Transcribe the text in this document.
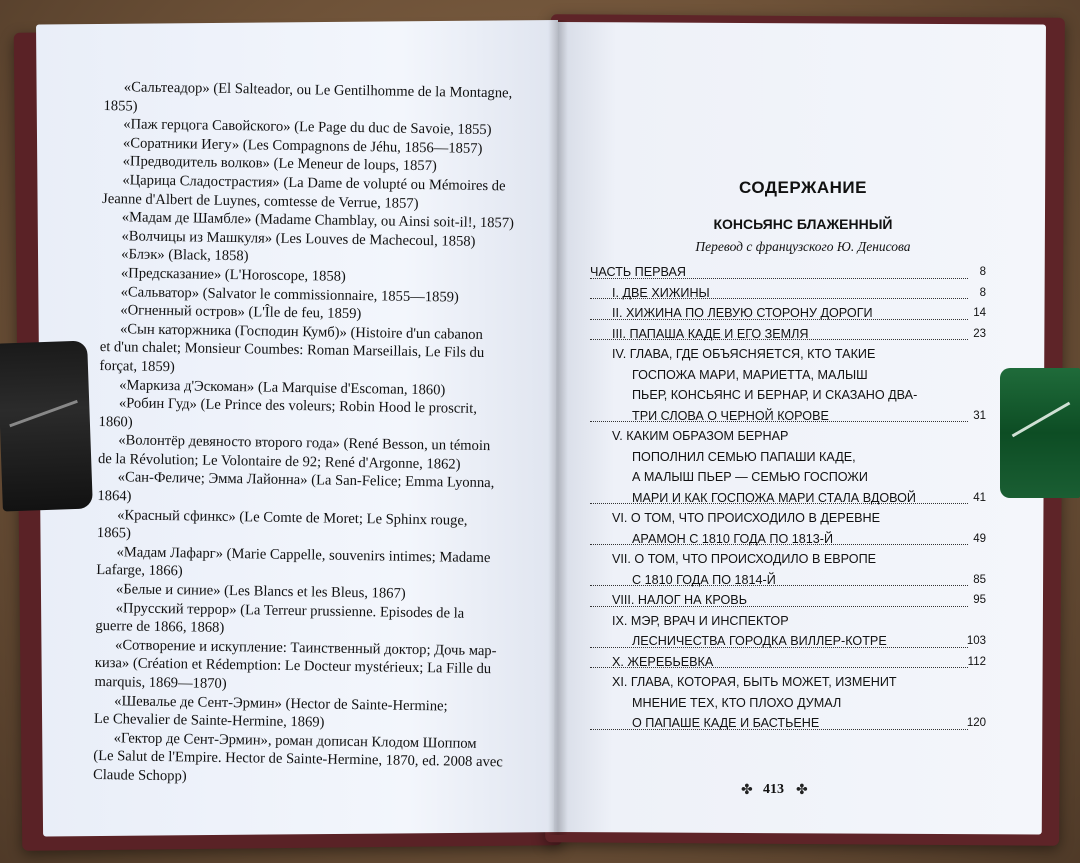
«Сальтеадор» (El Salteador, ou Le Gentilhomme de la Montagne,
1855)
«Паж герцога Савойского» (Le Page du duc de Savoie, 1855)
«Соратники Иегу» (Les Compagnons de Jéhu, 1856—1857)
«Предводитель волков» (Le Meneur de loups, 1857)
«Царица Сладострастия» (La Dame de volupté ou Mémoires de
Jeanne d'Albert de Luynes, comtesse de Verrue, 1857)
«Мадам де Шамбле» (Madame Chamblay, ou Ainsi soit-il!, 1857)
«Волчицы из Машкуля» (Les Louves de Machecoul, 1858)
«Блэк» (Black, 1858)
«Предсказание» (L'Horoscope, 1858)
«Сальватор» (Salvator le commissionnaire, 1855—1859)
«Огненный остров» (L'Île de feu, 1859)
«Сын каторжника (Господин Кумб)» (Histoire d'un cabanon
et d'un chalet; Monsieur Coumbes: Roman Marseillais, Le Fils du
forçat, 1859)
«Маркиза д'Эскоман» (La Marquise d'Escoman, 1860)
«Робин Гуд» (Le Prince des voleurs; Robin Hood le proscrit,
1860)
«Волонтёр девяносто второго года» (René Besson, un témoin
de la Révolution; Le Volontaire de 92; René d'Argonne, 1862)
«Сан-Феличе; Эмма Лайонна» (La San-Felice; Emma Lyonna,
1864)
«Красный сфинкс» (Le Comte de Moret; Le Sphinx rouge,
1865)
«Мадам Лафарг» (Marie Cappelle, souvenirs intimes; Madame
Lafarge, 1866)
«Белые и синие» (Les Blancs et les Bleus, 1867)
«Прусский террор» (La Terreur prussienne. Episodes de la
guerre de 1866, 1868)
«Сотворение и искупление: Таинственный доктор; Дочь мар-
киза» (Création et Rédemption: Le Docteur mystérieux; La Fille du
marquis, 1869—1870)
«Шевалье де Сент-Эрмин» (Hector de Sainte-Hermine;
Le Chevalier de Sainte-Hermine, 1869)
«Гектор де Сент-Эрмин», роман дописан Клодом Шоппом
(Le Salut de l'Empire. Hector de Sainte-Hermine, 1870, ed. 2008 avec
Claude Schopp)
СОДЕРЖАНИЕ
КОНСЬЯНС БЛАЖЕННЫЙ
Перевод с французского Ю. Денисова
ЧАСТЬ ПЕРВАЯ	8
I. ДВЕ ХИЖИНЫ	8
II. ХИЖИНА ПО ЛЕВУЮ СТОРОНУ ДОРОГИ	14
III. ПАПАША КАДЕ И ЕГО ЗЕМЛЯ	23
IV. ГЛАВА, ГДЕ ОБЪЯСНЯЕТСЯ, КТО ТАКИЕ
ГОСПОЖА МАРИ, МАРИЕТТА, МАЛЫШ
ПЬЕР, КОНСЬЯНС И БЕРНАР, И СКАЗАНО ДВА-
ТРИ СЛОВА О ЧЕРНОЙ КОРОВЕ	31
V. КАКИМ ОБРАЗОМ БЕРНАР
ПОПОЛНИЛ СЕМЬЮ ПАПАШИ КАДЕ,
А МАЛЫШ ПЬЕР — СЕМЬЮ ГОСПОЖИ
МАРИ И КАК ГОСПОЖА МАРИ СТАЛА ВДОВОЙ	41
VI. О ТОМ, ЧТО ПРОИСХОДИЛО В ДЕРЕВНЕ
АРАМОН С 1810 ГОДА ПО 1813-Й	49
VII. О ТОМ, ЧТО ПРОИСХОДИЛО В ЕВРОПЕ
С 1810 ГОДА ПО 1814-Й	85
VIII. НАЛОГ НА КРОВЬ	95
IX. МЭР, ВРАЧ И ИНСПЕКТОР
ЛЕСНИЧЕСТВА ГОРОДКА ВИЛЛЕР-КОТРЕ	103
X. ЖЕРЕБЬЕВКА	112
XI. ГЛАВА, КОТОРАЯ, БЫТЬ МОЖЕТ, ИЗМЕНИТ
МНЕНИЕ ТЕХ, КТО ПЛОХО ДУМАЛ
О ПАПАШЕ КАДЕ И БАСТЬЕНЕ	120
✤ 413 ✤
